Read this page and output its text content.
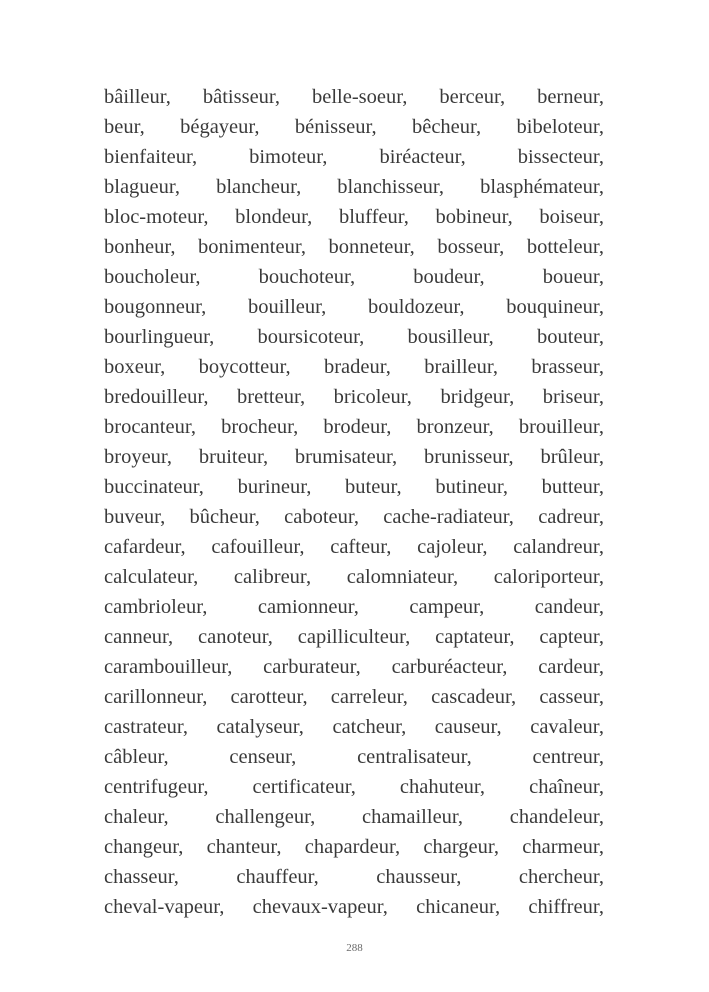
bâilleur, bâtisseur, belle-soeur, berceur, berneur,
beur, bégayeur, bénisseur, bêcheur, bibeloteur,
bienfaiteur,	bimoteur,	biréacteur,	bissecteur,
blagueur, blancheur, blanchisseur, blasphémateur,
bloc-moteur, blondeur, bluffeur, bobineur, boiseur,
bonheur, bonimenteur, bonneteur, bosseur, botteleur,
boucholeur,	bouchoteur,	boudeur,	boueur,
bougonneur, bouilleur, bouldozeur, bouquineur,
bourlingueur, boursicoteur, bousilleur, bouteur,
boxeur, boycotteur, bradeur, brailleur, brasseur,
bredouilleur, bretteur, bricoleur, bridgeur, briseur,
brocanteur, brocheur, brodeur, bronzeur, brouilleur,
broyeur, bruiteur, brumisateur, brunisseur, brûleur,
buccinateur, burineur, buteur, butineur, butteur,
buveur, bûcheur, caboteur, cache-radiateur, cadreur,
cafardeur, cafouilleur, cafteur, cajoleur, calandreur,
calculateur, calibreur, calomniateur, caloriporteur,
cambrioleur, camionneur, campeur, candeur,
canneur, canoteur, capilliculteur, captateur, capteur,
carambouilleur, carburateur, carburéacteur, cardeur,
carillonneur, carotteur, carreleur, cascadeur, casseur,
castrateur, catalyseur, catcheur, causeur, cavaleur,
câbleur,	censeur,	centralisateur,	centreur,
centrifugeur, certificateur, chahuteur, chaîneur,
chaleur, challengeur, chamailleur, chandeleur,
changeur, chanteur, chapardeur, chargeur, charmeur,
chasseur,	chauffeur,	chausseur,	chercheur,
cheval-vapeur, chevaux-vapeur, chicaneur, chiffreur,
288
